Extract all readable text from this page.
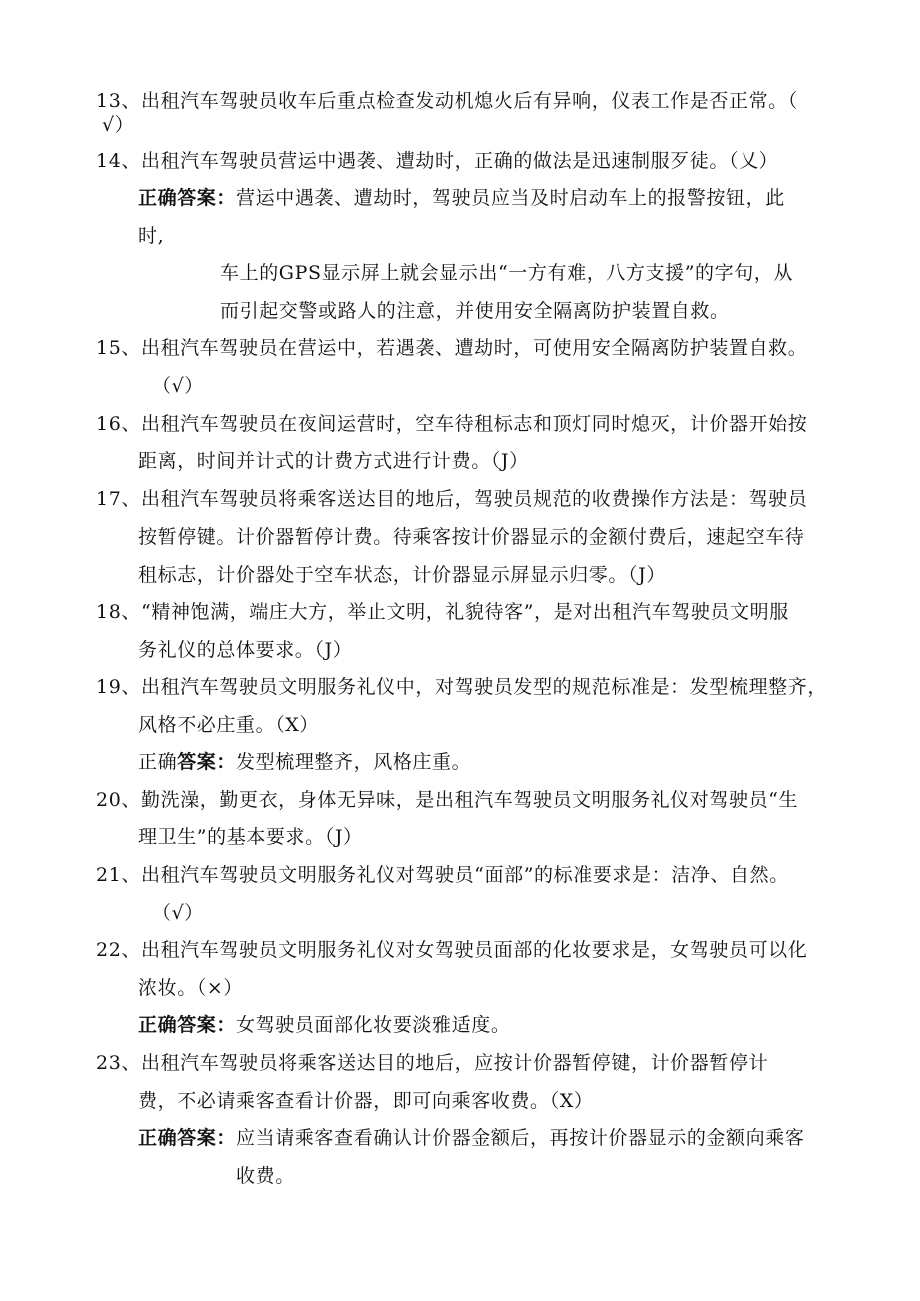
13、出租汽车驾驶员收车后重点检查发动机熄火后有异响，仪表工作是否正常。（
√）
14、出租汽车驾驶员营运中遇袭、遭劫时，正确的做法是迅速制服歹徒。（乂）
正确答案：营运中遇袭、遭劫时，驾驶员应当及时启动车上的报警按钮，此
时,
车上的GPS显示屏上就会显示出“一方有难，八方支援”的字句，从
而引起交警或路人的注意，并使用安全隔离防护装置自救。
15、出租汽车驾驶员在营运中，若遇袭、遭劫时，可使用安全隔离防护装置自救。
（√）
16、出租汽车驾驶员在夜间运营时，空车待租标志和顶灯同时熄灭，计价器开始按
距离，时间并计式的计费方式进行计费。（J）
17、出租汽车驾驶员将乘客送达目的地后，驾驶员规范的收费操作方法是：驾驶员
按暂停键。计价器暂停计费。待乘客按计价器显示的金额付费后，速起空车待
租标志，计价器处于空车状态，计价器显示屏显示归零。（J）
18、“精神饱满，端庄大方，举止文明，礼貌待客”，是对出租汽车驾驶员文明服
务礼仪的总体要求。（J）
19、出租汽车驾驶员文明服务礼仪中，对驾驶员发型的规范标准是：发型梳理整齐，
风格不必庄重。（X）
正确答案：发型梳理整齐，风格庄重。
20、勤洗澡，勤更衣，身体无异味，是出租汽车驾驶员文明服务礼仪对驾驶员“生
理卫生”的基本要求。（J）
21、出租汽车驾驶员文明服务礼仪对驾驶员“面部”的标准要求是：洁净、自然。
（√）
22、出租汽车驾驶员文明服务礼仪对女驾驶员面部的化妆要求是，女驾驶员可以化
浓妆。（×）
正确答案：女驾驶员面部化妆要淡雅适度。
23、出租汽车驾驶员将乘客送达目的地后，应按计价器暂停键，计价器暂停计
费，不必请乘客查看计价器，即可向乘客收费。（X）
正确答案：应当请乘客查看确认计价器金额后，再按计价器显示的金额向乘客
收费。
